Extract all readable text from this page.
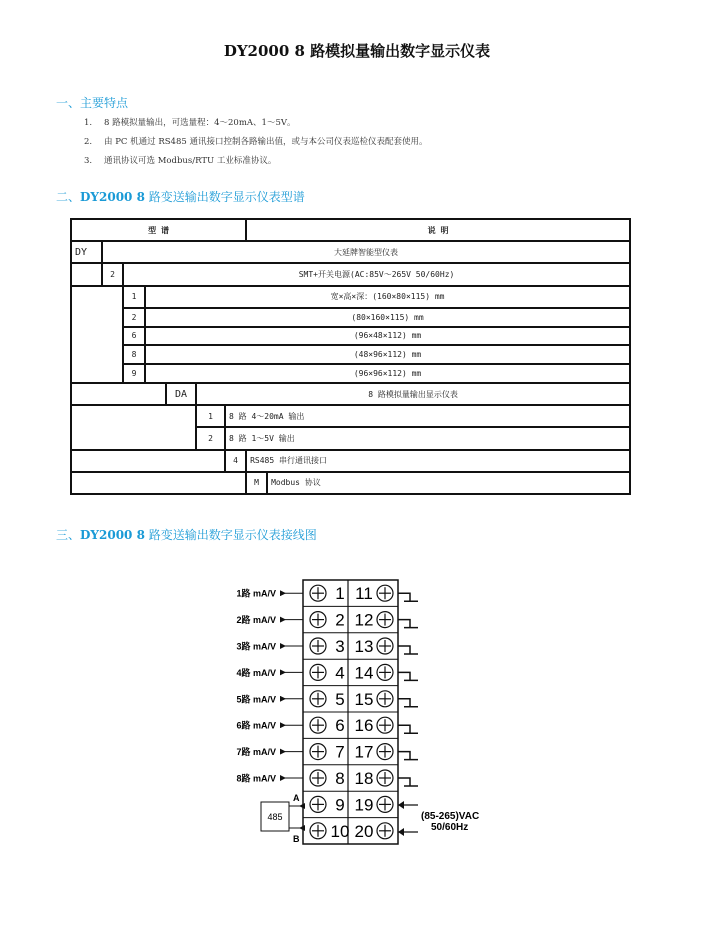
DY2000 8 路模拟量输出数字显示仪表
一、主要特点
1. 8 路模拟量输出，可选量程：4～20mA、1～5V。
2. 由 PC 机通过 RS485 通讯接口控制各路输出值，或与本公司仪表巡检仪表配套使用。
3. 通讯协议可选 Modbus/RTU 工业标准协议。
二、DY2000 8 路变送输出数字显示仪表型谱
型 谱							说 明	
DY	大延牌智能型仪表							
	2	SMT+开关电源(AC:85V～265V 50/60Hz)						
		1	宽×高×深：(160×80×115) mm					
		2	(80×160×115) mm					
		6	(96×48×112) mm					
		8	(48×96×112) mm					
		9	(96×96×112) mm					
				DA	8 路模拟量输出显示仪表			
					1	8 路 4～20mA 输出		
					2	8 路 1～5V 输出		
						4	RS485 串行通讯接口	
							M	Modbus 协议
三、DY2000 8 路变送输出数字显示仪表接线图
1 11
1路 mA/V
2 12
2路 mA/V
3 13
3路 mA/V
4 14
4路 mA/V
5 15
5路 mA/V
6 16
6路 mA/V
7 17
7路 mA/V
8 18
8路 mA/V
9 19
10 20
485
A
B
(85-265)VAC
50/60Hz
